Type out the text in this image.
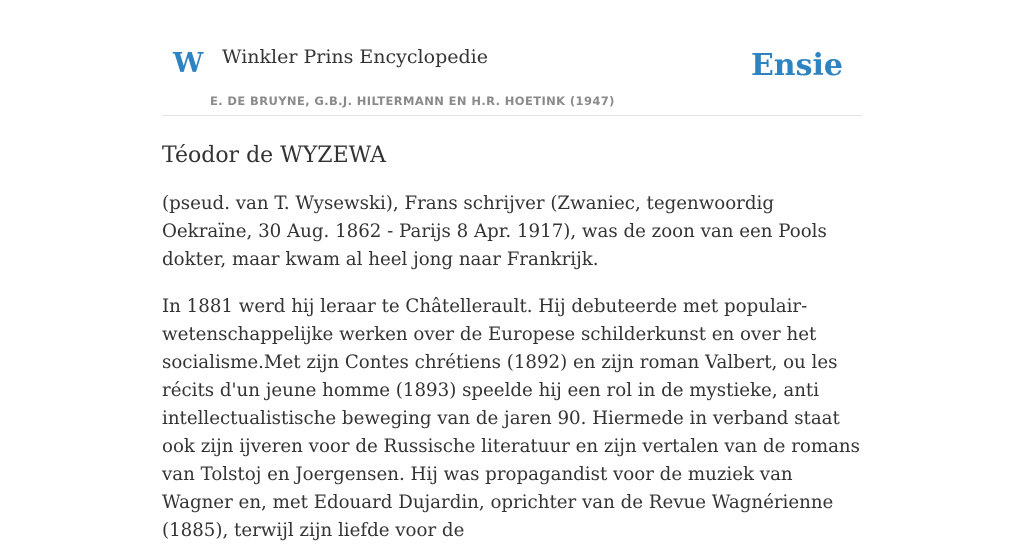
W Winkler Prins Encyclopedie
E. DE BRUYNE, G.B.J. HILTERMANN EN H.R. HOETINK (1947)
Ensie
Téodor de WYZEWA

(pseud. van T. Wysewski), Frans schrijver (Zwaniec, tegenwoordig Oekraïne, 30 Aug. 1862 - Parijs 8 Apr. 1917), was de zoon van een Pools dokter, maar kwam al heel jong naar Frankrijk.

In 1881 werd hij leraar te Châtellerault. Hij debuteerde met populair-wetenschappelijke werken over de Europese schilderkunst en over het socialisme.Met zijn Contes chrétiens (1892) en zijn roman Valbert, ou les récits d'un jeune homme (1893) speelde hij een rol in de mystieke, anti intellectualistische beweging van de jaren 90. Hiermede in verband staat ook zijn ijveren voor de Russische literatuur en zijn vertalen van de romans van Tolstoj en Joergensen. Hij was propagandist voor de muziek van Wagner en, met Edouard Dujardin, oprichter van de Revue Wagnérienne (1885), terwijl zijn liefde voor de
